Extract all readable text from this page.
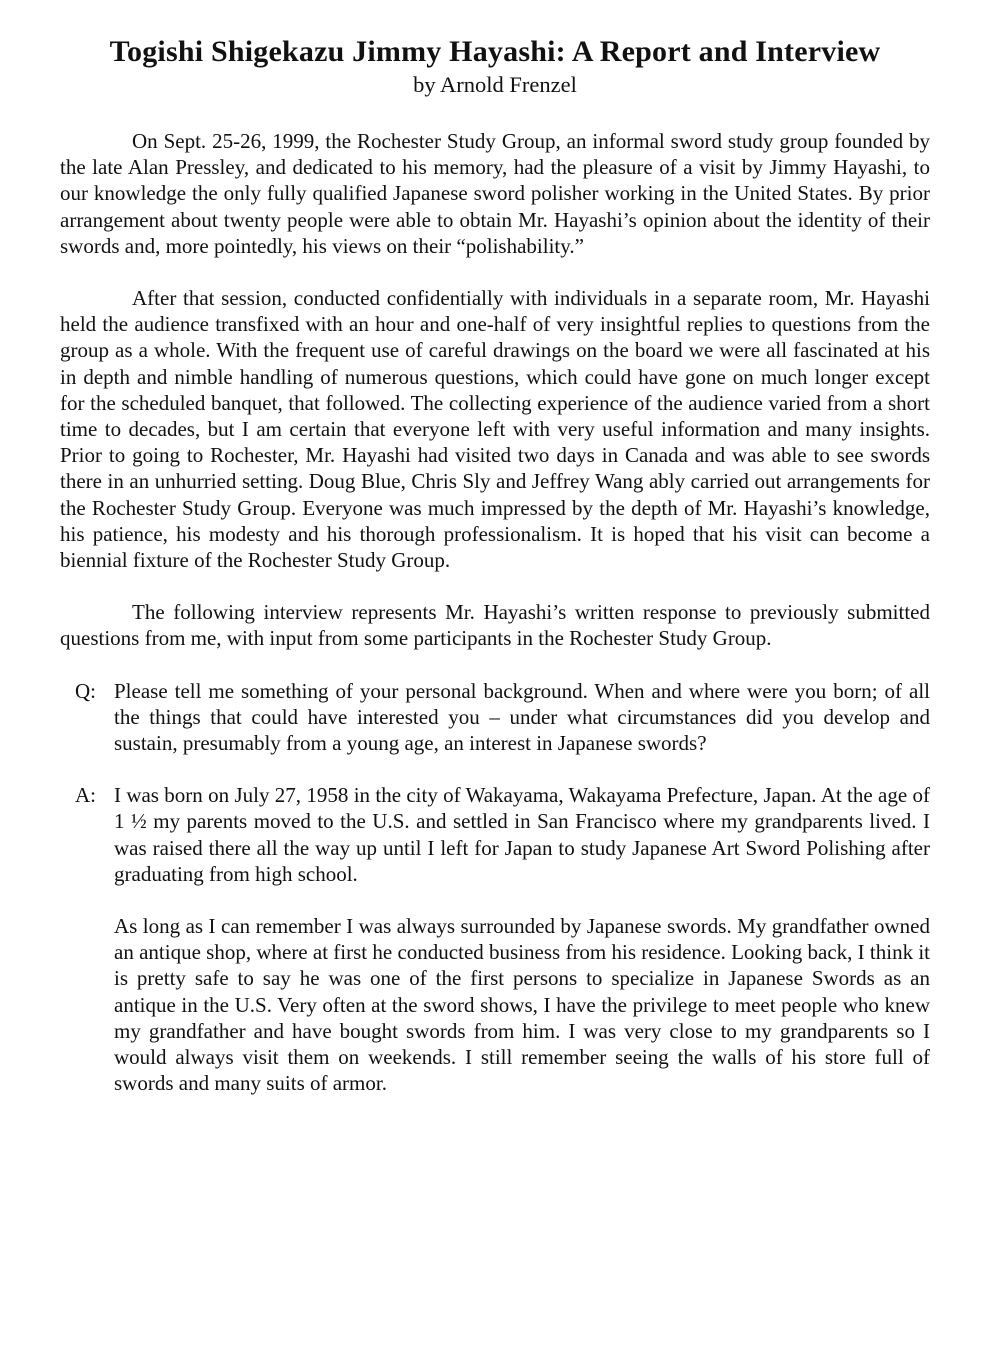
Togishi Shigekazu Jimmy Hayashi: A Report and Interview
by Arnold Frenzel

On Sept. 25-26, 1999, the Rochester Study Group, an informal sword study group founded by the late Alan Pressley, and dedicated to his memory, had the pleasure of a visit by Jimmy Hayashi, to our knowledge the only fully qualified Japanese sword polisher working in the United States. By prior arrangement about twenty people were able to obtain Mr. Hayashi’s opinion about the identity of their swords and, more pointedly, his views on their “polishability.”

After that session, conducted confidentially with individuals in a separate room, Mr. Hayashi held the audience transfixed with an hour and one-half of very insightful replies to questions from the group as a whole. With the frequent use of careful drawings on the board we were all fascinated at his in depth and nimble handling of numerous questions, which could have gone on much longer except for the scheduled banquet, that followed. The collecting experience of the audience varied from a short time to decades, but I am certain that everyone left with very useful information and many insights. Prior to going to Rochester, Mr. Hayashi had visited two days in Canada and was able to see swords there in an unhurried setting. Doug Blue, Chris Sly and Jeffrey Wang ably carried out arrangements for the Rochester Study Group. Everyone was much impressed by the depth of Mr. Hayashi’s knowledge, his patience, his modesty and his thorough professionalism. It is hoped that his visit can become a biennial fixture of the Rochester Study Group.

The following interview represents Mr. Hayashi’s written response to previously submitted questions from me, with input from some participants in the Rochester Study Group.

Q: Please tell me something of your personal background. When and where were you born; of all the things that could have interested you – under what circumstances did you develop and sustain, presumably from a young age, an interest in Japanese swords?
A: I was born on July 27, 1958 in the city of Wakayama, Wakayama Prefecture, Japan. At the age of 1 ½ my parents moved to the U.S. and settled in San Francisco where my grandparents lived. I was raised there all the way up until I left for Japan to study Japanese Art Sword Polishing after graduating from high school.
As long as I can remember I was always surrounded by Japanese swords. My grandfather owned an antique shop, where at first he conducted business from his residence. Looking back, I think it is pretty safe to say he was one of the first persons to specialize in Japanese Swords as an antique in the U.S. Very often at the sword shows, I have the privilege to meet people who knew my grandfather and have bought swords from him. I was very close to my grandparents so I would always visit them on weekends. I still remember seeing the walls of his store full of swords and many suits of armor.
